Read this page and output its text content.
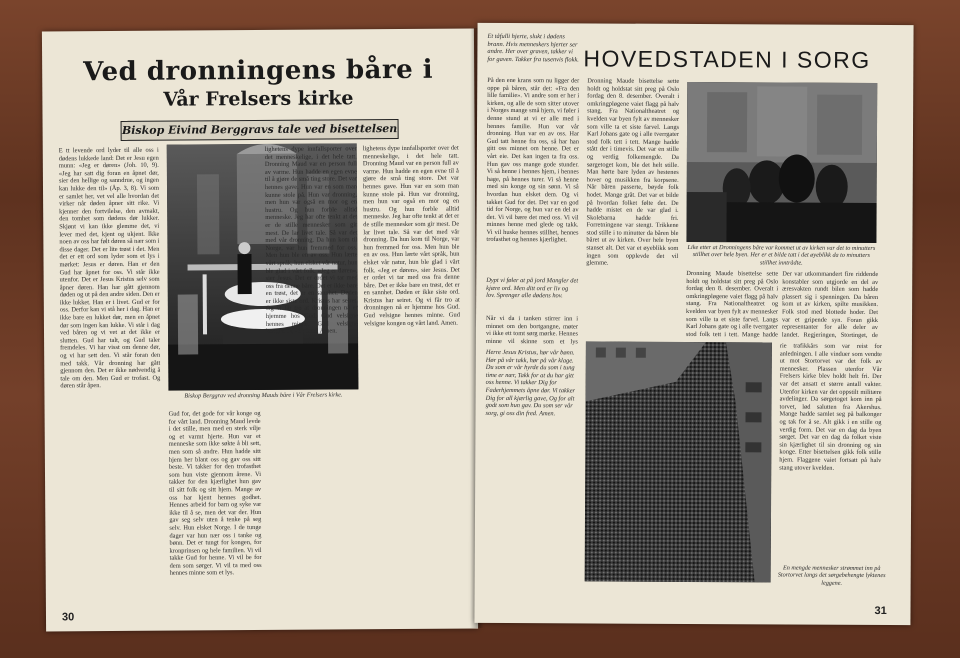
Ved dronningens båre i
Vår Frelsers kirke
Biskop Eivind Berggravs tale ved bisettelsen
E tt levende ord lyder til alle oss i dødens lukkede land: Det er Jesu egen munn: «Jeg er døren» (Joh. 10, 9). «Jeg har satt dig foran en åpnet dør, sier den hellige og sanndrue, og ingen kan lukke den til» (Åp. 3, 8). Vi som er samlet her, vet vel alle hvordan det virker når døden åpner sitt rike. Vi kjenner den fortvilelse, den avmakt, den tomhet som dødens dør lukker. Skjønt vi kan ikke glemme det, vi lever med det, kjent og ukjent. Ikke noen av oss har følt døren så nær som i disse dager. Det er lite trøst i det. Men det er ett ord som lyder som et lys i mørket: Jesus er døren. Han er den Gud har åpnet for oss. Vi står ikke utenfor. Det er Jesus Kristus selv som åpner døren. Han har gått gjennom døden og ut på den andre siden. Den er ikke lukket. Han er i livet. Gud er for oss. Derfor kan vi stå her i dag. Han er ikke bare en lukket dør, men en åpnet dør som ingen kan lukke. Vi står i dag ved båren og vi vet at det ikke er slutten. Gud har talt, og Gud taler fremdeles. Vi har visst om denne dør, og vi har sett den. Vi står foran den med takk. Vår dronning har gått gjennom den. Det er ikke nødvendig å tale om den. Men Gud er trofast. Og døren står åpen.
Biskop Berggrav ved dronning Mauds båre i Vår Frelsers kirke.
Gud for, det gode for vår konge og for vårt land. Dronning Maud levde i det stille, men med en sterk vilje og et varmt hjerte. Hun var et menneske som ikke søkte å bli sett, men som så andre. Hun hadde sitt hjem her blant oss og gav oss sitt beste. Vi takker for den trofasthet som hun viste gjennom årene. Vi takker for den kjærlighet hun gav til sitt folk og sitt hjem. Mange av oss har kjent hennes godhet. Hennes arbeid for barn og syke var ikke til å se, men det var der. Hun gav seg selv uten å tenke på seg selv. Hun elsket Norge. I de tunge dager var hun nær oss i tanke og bønn. Det er tungt for kongen, for kronprinsen og hele familien. Vi vil takke Gud for henne. Vi vil be for dem som sørger. Vi vil ta med oss hennes minne som et lys.
lighetens dype innfallsporter over det menneskelige, i det hele tatt. Dronning Maud var en person full av varme. Hun hadde en egen evne til å gjøre de små ting store. Det var hennes gave. Hun var en som man kunne stole på. Hun var dronning, men hun var også en mor og en hustru. Og hun forble alltid menneske. Jeg har ofte tenkt at det er de stille mennesker som gir mest. De lar livet tale. Så var det med vår dronning. Da hun kom til Norge, var hun fremmed for oss. Men hun ble en av oss. Hun lærte vårt språk, hun elsket vår natur, hun ble glad i vårt folk. «Jeg er døren», sier Jesus. Det er ordet vi tar med oss fra denne båre. Det er ikke bare en trøst, det er en sannhet. Døden er ikke siste ord. Kristus har seiret. Og vi får tro at dronningen nå er hjemme hos Gud. Gud velsigne hennes minne. Gud velsigne kongen og vårt land. Amen.
lighetens dype innfallsporter over det menneskelige, i det hele tatt. Dronning Maud var en person full av varme. Hun hadde en egen evne til å gjøre de små ting store. Det var hennes gave. Hun var en som man kunne stole på. Hun var dronning, men hun var også en mor og en hustru. Og hun forble alltid menneske. Jeg har ofte tenkt at det er de stille mennesker som gir mest. De lar livet tale. Så var det med vår dronning. Da hun kom til Norge, var hun fremmed for oss. Men hun ble en av oss. Hun lærte vårt språk, hun elsket vår natur, hun ble glad i vårt folk. «Jeg er døren», sier Jesus. Det er ordet vi tar med oss fra denne båre. Det er ikke bare en trøst, det er en sannhet. Døden er ikke siste ord. Kristus har seiret. Og vi får tro at dronningen nå er hjemme hos Gud. Gud velsigne hennes minne. Gud velsigne kongen og vårt land. Amen.
30
Et tåfulli hjerte, slukt i dødens brann. Hvis menneskers hjerter ser andre. Her over graven, takker vi for gaven. Takker fra tusenvis flokk. HOVEDSTADEN I SORG
På den ene krans som nu ligger der oppe på båren, står det: «Fra den lille familie». Vi andre som er her i kirken, og alle de som sitter utover i Norges mange små hjem, vi føler i denne stund at vi er alle med i hennes familie. Hun var vår dronning. Hun var en av oss. Har Gud tatt henne fra oss, så har han gitt oss minnet om henne. Det er vårt eie. Det kan ingen ta fra oss. Hun gav oss mange gode stunder. Vi så henne i hennes hjem, i hennes hage, på hennes turer. Vi så henne med sin konge og sin sønn. Vi så hvordan hun elsket dem. Og vi takket Gud for det. Det var en god tid for Norge, og hun var en del av det. Vi vil bære det med oss. Vi vil minnes henne med glede og takk. Vi vil huske hennes stillhet, hennes trofasthet og hennes kjærlighet.
Dypt vi føler at på jord Mangler det kjære ord. Men ditt ord er liv og lov. Sprenger alle dødens hov.
Når vi da i tanken stirrer inn i minnet om den bortgangne, møter vi ikke ett tomt sørg mørke. Hennes minne vil skinne som et lys
Herre Jesus Kristus, hør vår bønn. Hør på vår takk, hør på vår klage. Du som er vår hyrde du som i tung time er nær, Takk for at du har gitt oss henne. Vi takker Dig for Faderhjemmets åpne dør. Vi takker Dig for all kjærlig gave, Og for alt godt som hun gav. Du som ser vår sorg, gi oss din fred. Amen.
Dronning Maude bisettelse sette holdt og holdstat sitt preg på Oslo fordag den 8. desember. Overalt i omkringpløgene vaiet flagg på halv stang. Fra Nationaltheatret og kvelden var byen fylt av mennesker som ville ta et siste farvel. Langs Karl Johans gate og i alle tverrgater stod folk tett i tett. Mange hadde stått der i timevis. Det var en stille og verdig folkemengde. Da sørgetoget kom, ble det helt stille. Man hørte bare lyden av hestenes hover og musikken fra korpsene. Når båren passerte, bøyde folk hodet. Mange gråt. Det var et bilde på hvordan folket følte det. De hadde mistet en de var glad i. Skolebarna hadde fri. Forretningene var stengt. Trikkene stod stille i to minutter da båren ble båret ut av kirken. Over hele byen stanset alt. Det var et øyeblikk som ingen som opplevde det vil glemme.
Like etter at Dronningens båre var kommet ut av kirken var det to minutters stillhet over hele byen. Her er et bilde tatt i det øyeblikk da to minutters stillhet inntrådte.
Dronning Maude bisettelse sette holdt og holdstat sitt preg på Oslo fordag den 8. desember. Overalt i omkringpløgene vaiet flagg på halv stang. Fra Nationaltheatret og kvelden var byen fylt av mennesker som ville ta et siste farvel. Langs Karl Johans gate og i alle tverrgater stod folk tett i tett. Mange hadde
Der var utkommandert fire riddende konstabler som utgjorde en del av æresvakten rundt bilen som hadde plassert sig i spenningen. Da båren kom ut av kirken, spilte musikken. Folk stod med blottede hoder. Det var et gripende syn. Foran gikk representanter for alle deler av landet. Regjeringen, Stortinget, de
En mengde mennesker strømmet inn på Stortorvet langs det sørgebehengte lyktenes leggene.
rie trafikkårs som var reist for anledningen. I alle vinduer som vendte ut mot Stortorvet var det folk av mennesker. Plassen utenfor Vår Frelsers kirke blev holdt helt fri. Der var det ansatt et større antall vakter. Utenfor kirken var det oppstilt militære avdelinger. Da sørgetoget kom inn på torvet, lød salutten fra Akershus. Mange hadde samlet seg på balkonger og tak for å se. Alt gikk i en stille og verdig form. Det var en dag da byen sørget. Det var en dag da folket viste sin kjærlighet til sin dronning og sin konge. Etter bisettelsen gikk folk stille hjem. Flaggene vaiet fortsatt på halv stang utover kvelden.
31
